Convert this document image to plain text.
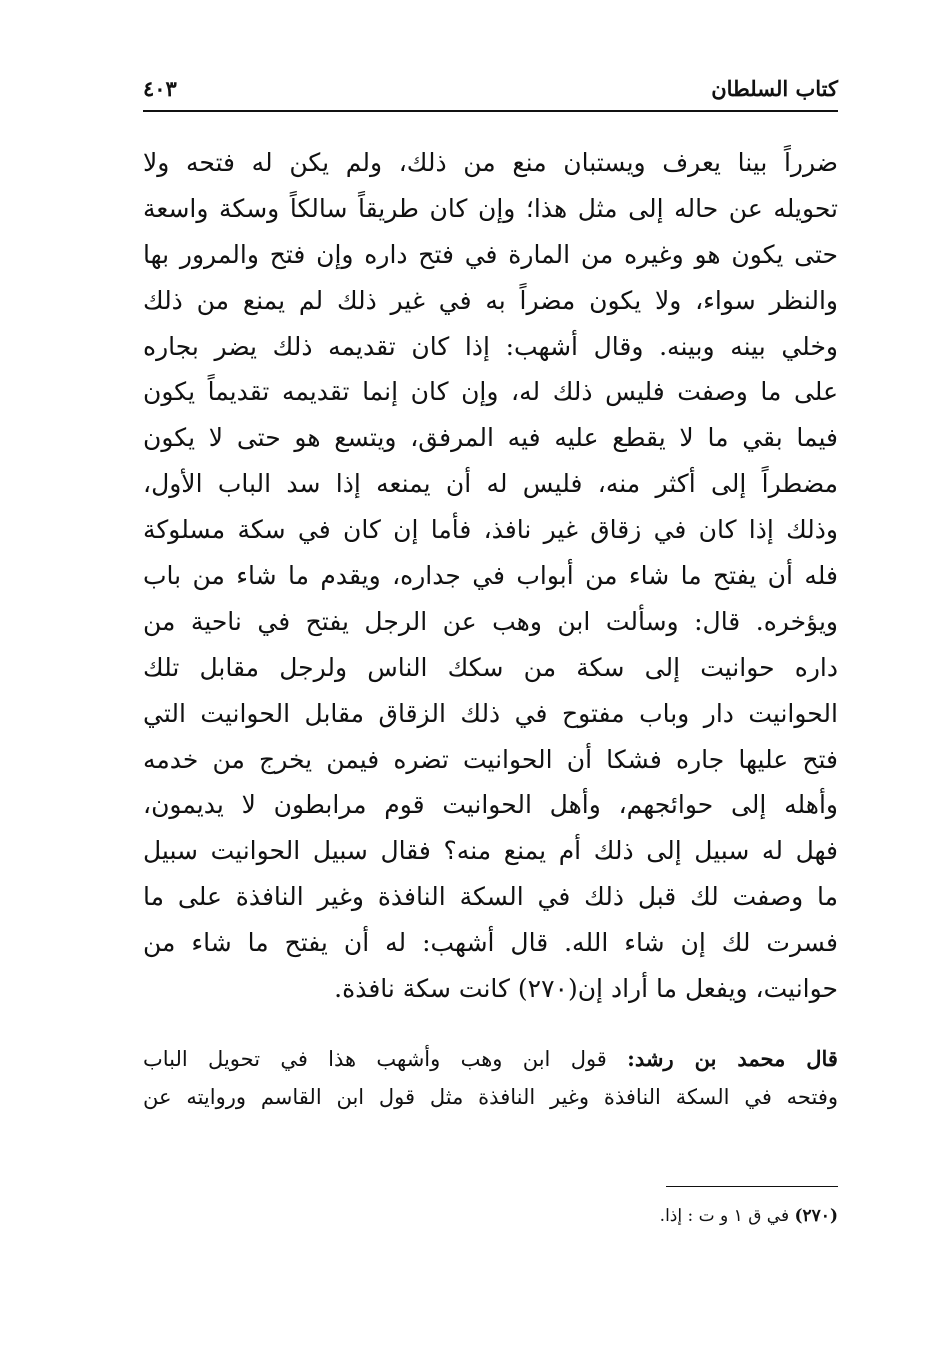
كتاب السلطان
٤٠٣
ضرراً بينا يعرف ويستبان منع من ذلك، ولم يكن له فتحه ولا
تحويله عن حاله إلى مثل هذا؛ وإن كان طريقاً سالكاً وسكة واسعة
حتى يكون هو وغيره من المارة في فتح داره وإن فتح والمرور بها
والنظر سواء، ولا يكون مضراً به في غير ذلك لم يمنع من ذلك
وخلي بينه وبينه. وقال أشهب: إذا كان تقديمه ذلك يضر بجاره
على ما وصفت فليس ذلك له، وإن كان إنما تقديمه تقديماً يكون
فيما بقي ما لا يقطع عليه فيه المرفق، ويتسع هو حتى لا يكون
مضطراً إلى أكثر منه، فليس له أن يمنعه إذا سد الباب الأول،
وذلك إذا كان في زقاق غير نافذ، فأما إن كان في سكة مسلوكة
فله أن يفتح ما شاء من أبواب في جداره، ويقدم ما شاء من باب
ويؤخره. قال: وسألت ابن وهب عن الرجل يفتح في ناحية من
داره حوانيت إلى سكة من سكك الناس ولرجل مقابل تلك
الحوانيت دار وباب مفتوح في ذلك الزقاق مقابل الحوانيت التي
فتح عليها جاره فشكا أن الحوانيت تضره فيمن يخرج من خدمه
وأهله إلى حوائجهم، وأهل الحوانيت قوم مرابطون لا يديمون،
فهل له سبيل إلى ذلك أم يمنع منه؟ فقال سبيل الحوانيت سبيل
ما وصفت لك قبل ذلك في السكة النافذة وغير النافذة على ما
فسرت لك إن شاء الله. قال أشهب: له أن يفتح ما شاء من
حوانيت، ويفعل ما أراد إن(٢٧٠) كانت سكة نافذة.
قال محمد بن رشد: قول ابن وهب وأشهب هذا في تحويل الباب
وفتحه في السكة النافذة وغير النافذة مثل قول ابن القاسم وروايته عن
(٢٧٠) في ق ١ و ت : إذا.
